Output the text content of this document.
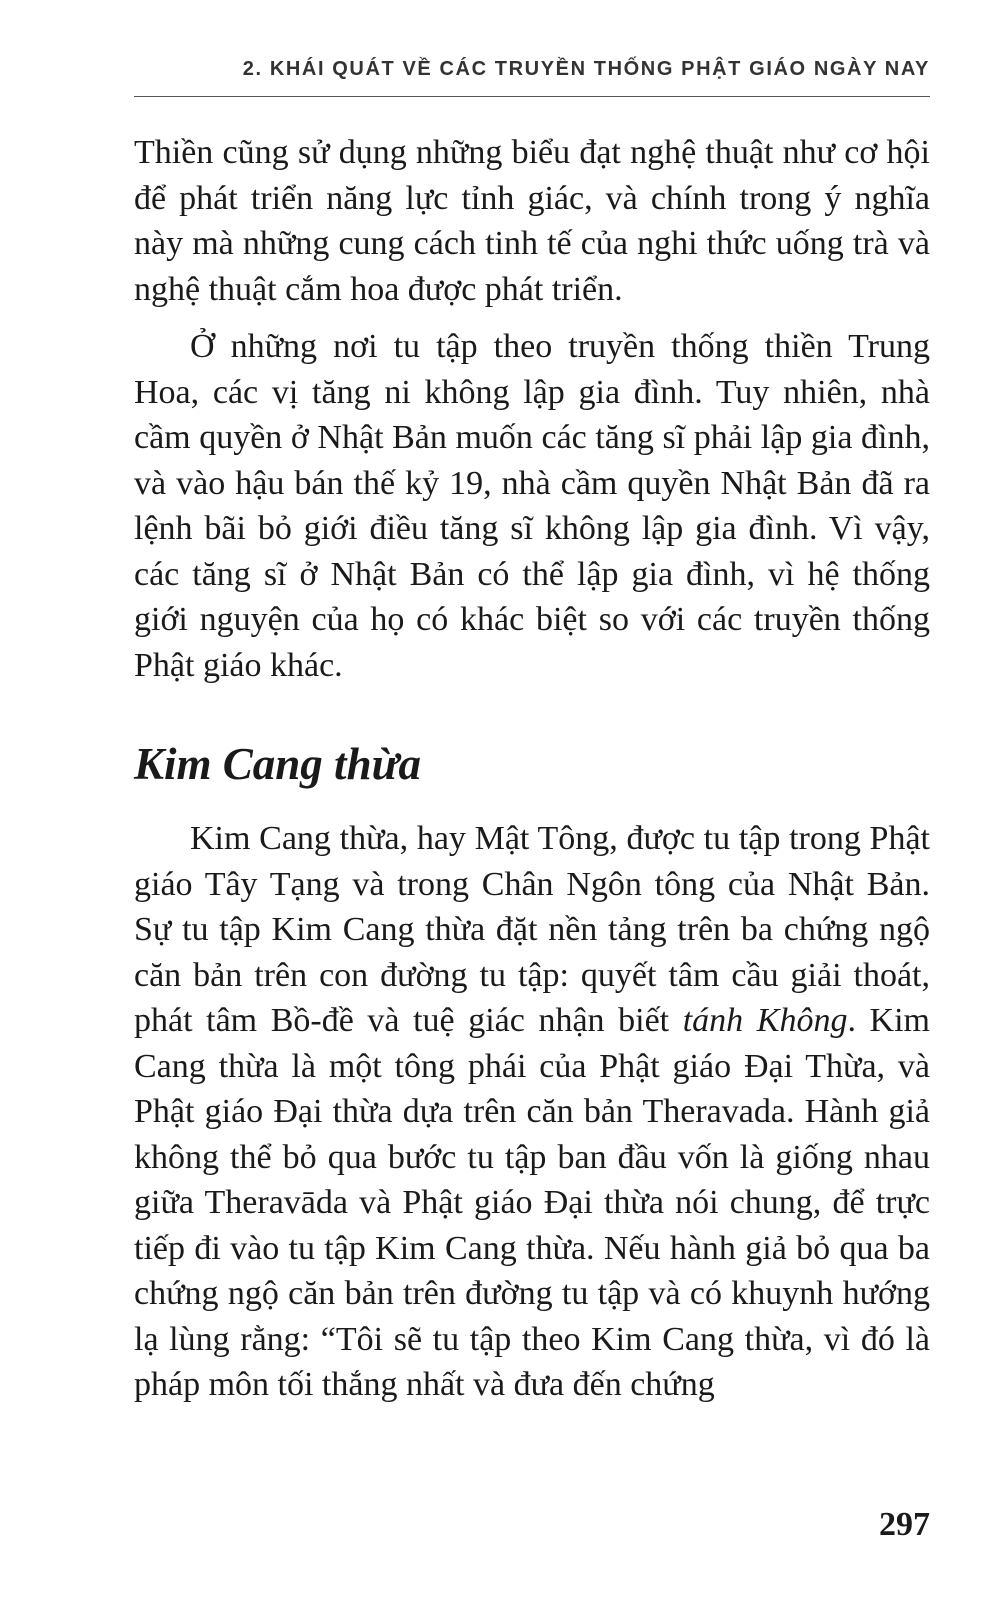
2. KHÁI QUÁT VỀ CÁC TRUYỀN THỐNG PHẬT GIÁO NGÀY NAY

Thiền cũng sử dụng những biểu đạt nghệ thuật như cơ hội để phát triển năng lực tỉnh giác, và chính trong ý nghĩa này mà những cung cách tinh tế của nghi thức uống trà và nghệ thuật cắm hoa được phát triển.

Ở những nơi tu tập theo truyền thống thiền Trung Hoa, các vị tăng ni không lập gia đình. Tuy nhiên, nhà cầm quyền ở Nhật Bản muốn các tăng sĩ phải lập gia đình, và vào hậu bán thế kỷ 19, nhà cầm quyền Nhật Bản đã ra lệnh bãi bỏ giới điều tăng sĩ không lập gia đình. Vì vậy, các tăng sĩ ở Nhật Bản có thể lập gia đình, vì hệ thống giới nguyện của họ có khác biệt so với các truyền thống Phật giáo khác.

Kim Cang thừa

Kim Cang thừa, hay Mật Tông, được tu tập trong Phật giáo Tây Tạng và trong Chân Ngôn tông của Nhật Bản. Sự tu tập Kim Cang thừa đặt nền tảng trên ba chứng ngộ căn bản trên con đường tu tập: quyết tâm cầu giải thoát, phát tâm Bồ-đề và tuệ giác nhận biết tánh Không. Kim Cang thừa là một tông phái của Phật giáo Đại Thừa, và Phật giáo Đại thừa dựa trên căn bản Theravada. Hành giả không thể bỏ qua bước tu tập ban đầu vốn là giống nhau giữa Theravāda và Phật giáo Đại thừa nói chung, để trực tiếp đi vào tu tập Kim Cang thừa. Nếu hành giả bỏ qua ba chứng ngộ căn bản trên đường tu tập và có khuynh hướng lạ lùng rằng: “Tôi sẽ tu tập theo Kim Cang thừa, vì đó là pháp môn tối thắng nhất và đưa đến chứng

297
